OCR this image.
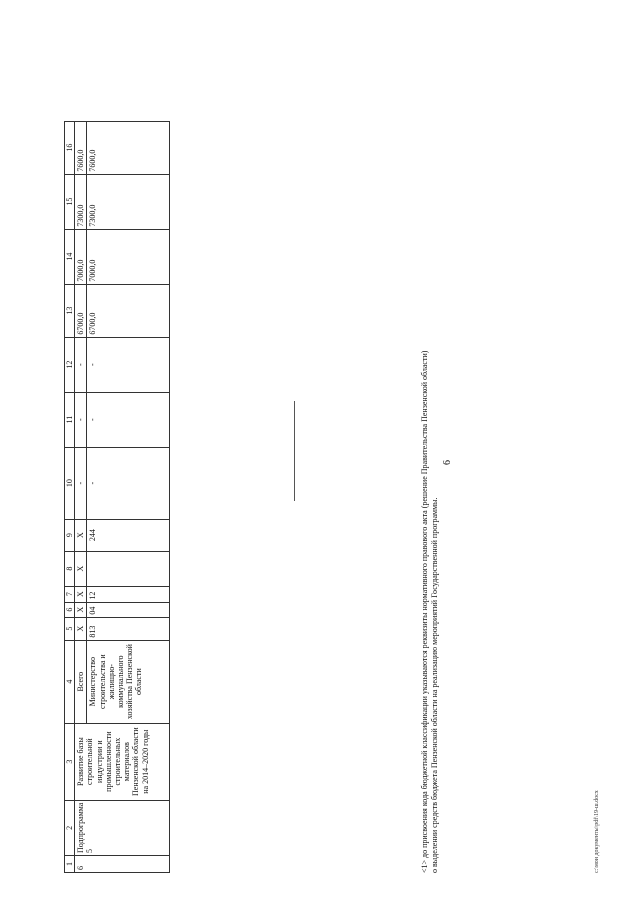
6
1	2	3	4	5	6	7	8	9	10	11	12	13	14	15	16
6	Подпрограмма 5	Развитие базы строительной индустрии и промышленности строительных материалов Пензенской области на 2014–2020 годы	Всего	X	X	X	X	X	-	-	-	6700,0	7000,0	7300,0	7600,0
			Министерство строительства и жилищно-коммунального хозяйства Пензенской области	813	04	12		244	-	-	-	6700,0	7000,0	7300,0	7600,0

<1> до присвоения кода бюджетной классификации указываются реквизиты нормативного правового акта (решение Правительства Пензенской области) о выделении средств бюджета Пензенской области на реализацию мероприятий Государственной программы.	c:\мои документы\pdf\19-ш.docx
